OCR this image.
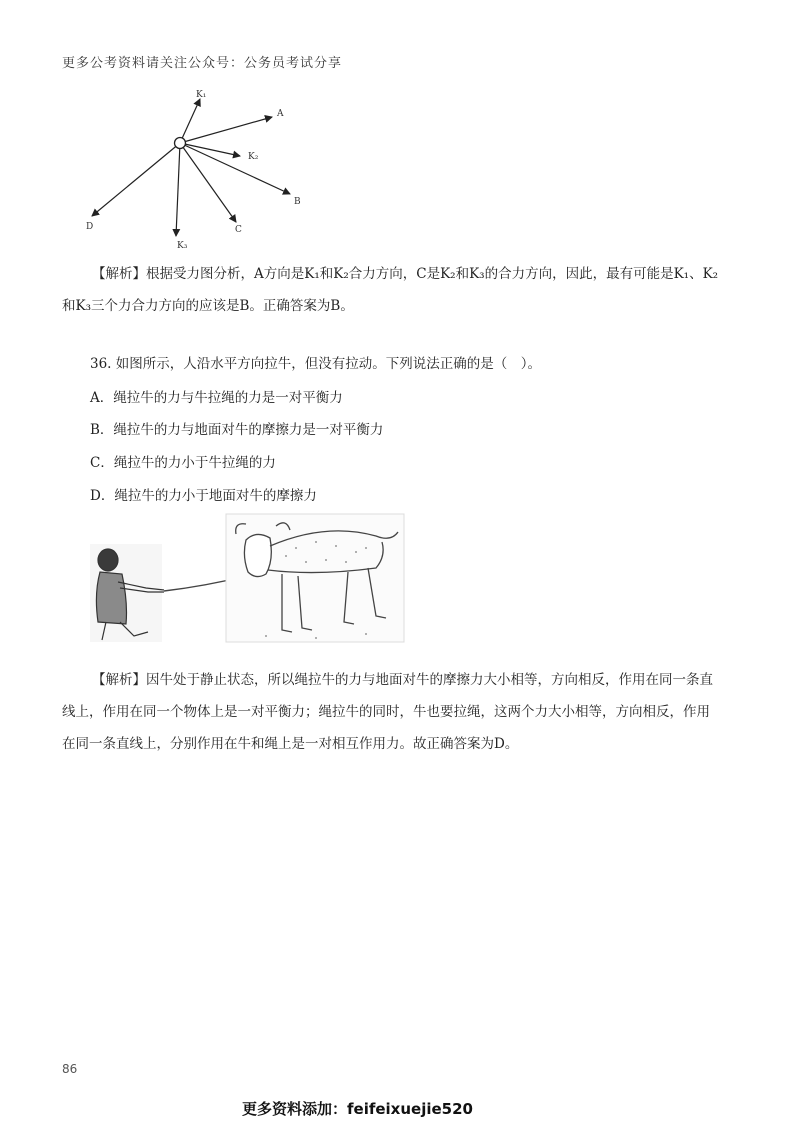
更多公考资料请关注公众号：公务员考试分享
K₁
A
K₂
B
C
K₃
D
【解析】根据受力图分析，A方向是K₁和K₂合力方向，C是K₂和K₃的合力方向，因此，最有可能是K₁、K₂和K₃三个力合力方向的应该是B。正确答案为B。
36. 如图所示，人沿水平方向拉牛，但没有拉动。下列说法正确的是（　）。
A．绳拉牛的力与牛拉绳的力是一对平衡力
B．绳拉牛的力与地面对牛的摩擦力是一对平衡力
C．绳拉牛的力小于牛拉绳的力
D．绳拉牛的力小于地面对牛的摩擦力
【解析】因牛处于静止状态，所以绳拉牛的力与地面对牛的摩擦力大小相等，方向相反，作用在同一条直线上，作用在同一个物体上是一对平衡力；绳拉牛的同时，牛也要拉绳，这两个力大小相等，方向相反，作用在同一条直线上，分别作用在牛和绳上是一对相互作用力。故正确答案为D。
86
更多资料添加：feifeixuejie520
